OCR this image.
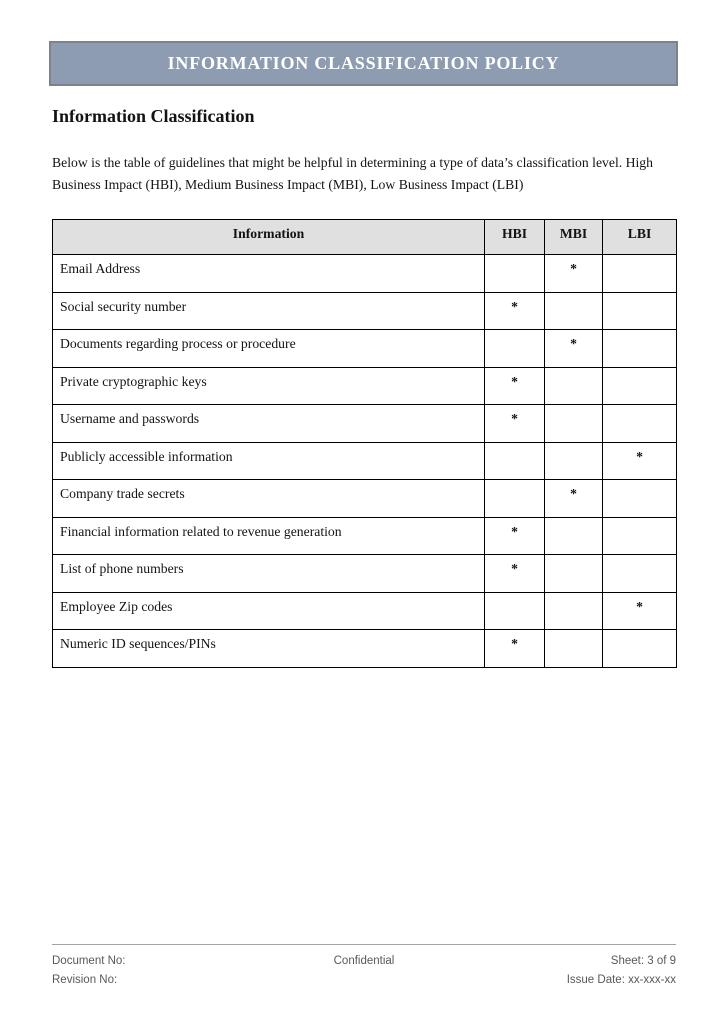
INFORMATION CLASSIFICATION POLICY
Information Classification

Below is the table of guidelines that might be helpful in determining a type of data’s classification level. High Business Impact (HBI), Medium Business Impact (MBI), Low Business Impact (LBI)

Information	HBI	MBI	LBI
Email Address		*	
Social security number	*		
Documents regarding process or procedure		*	
Private cryptographic keys	*		
Username and passwords	*		
Publicly accessible information			*
Company trade secrets		*	
Financial information related to revenue generation	*		
List of phone numbers	*		
Employee Zip codes			*
Numeric ID sequences/PINs	*		
Document No:
Revision No:
Confidential	Sheet: 3 of 9
Issue Date: xx-xxx-xx
